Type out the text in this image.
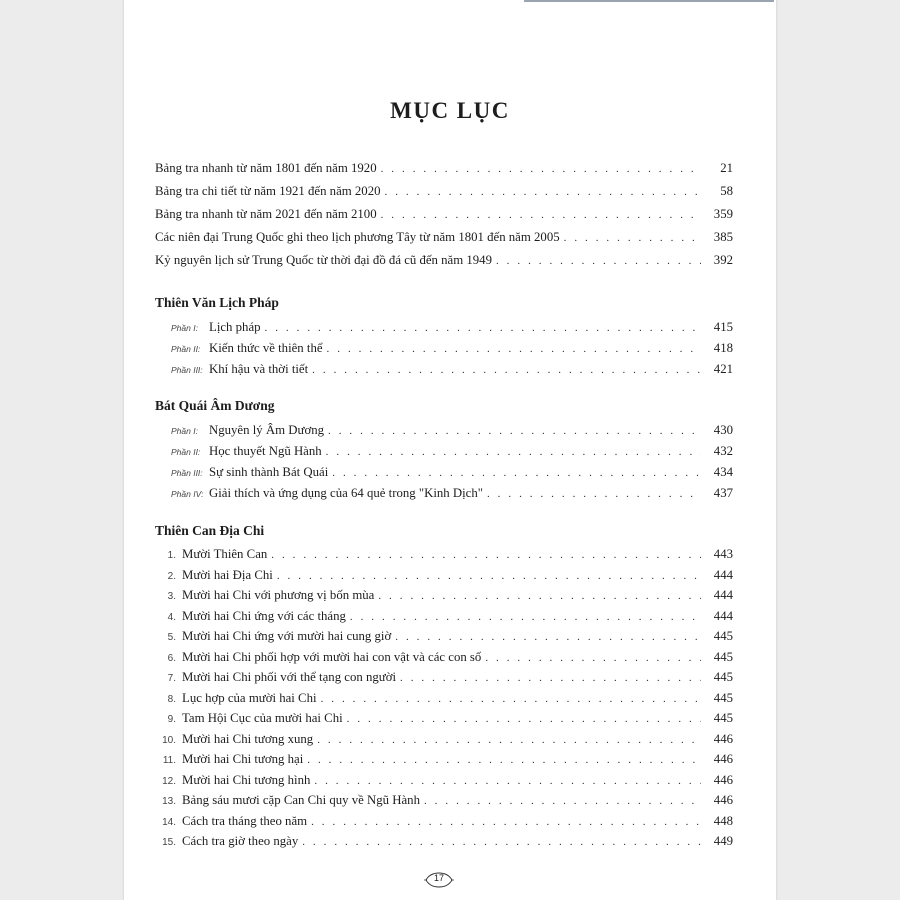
MỤC LỤC
Bảng tra nhanh từ năm 1801 đến năm 1920 . . .	21
Bảng tra chi tiết từ năm 1921 đến năm 2020 . . .	58
Bảng tra nhanh từ năm 2021 đến năm 2100 . . .	359
Các niên đại Trung Quốc ghi theo lịch phương Tây từ năm 1801 đến năm 2005 . . .	385
Kỷ nguyên lịch sử Trung Quốc từ thời đại đồ đá cũ đến năm 1949 . . .	392
Thiên Văn Lịch Pháp
Phần I: Lịch pháp . . .	415
Phần II: Kiến thức về thiên thể . . .	418
Phần III: Khí hậu và thời tiết . . .	421
Bát Quái Âm Dương
Phần I: Nguyên lý Âm Dương . . .	430
Phần II: Học thuyết Ngũ Hành . . .	432
Phần III: Sự sinh thành Bát Quái . . .	434
Phần IV: Giải thích và ứng dụng của 64 quẻ trong "Kinh Dịch" . . .	437
Thiên Can Địa Chi
1. Mười Thiên Can . . .	443
2. Mười hai Địa Chi . . .	444
3. Mười hai Chi với phương vị bốn mùa . . .	444
4. Mười hai Chi ứng với các tháng . . .	444
5. Mười hai Chi ứng với mười hai cung giờ . . .	445
6. Mười hai Chi phối hợp với mười hai con vật và các con số . . .	445
7. Mười hai Chi phối với thể tạng con người . . .	445
8. Lục hợp của mười hai Chi . . .	445
9. Tam Hội Cục của mười hai Chi . . .	445
10. Mười hai Chi tương xung . . .	446
11. Mười hai Chi tương hại . . .	446
12. Mười hai Chi tương hình . . .	446
13. Bảng sáu mươi cặp Can Chi quy về Ngũ Hành . . .	446
14. Cách tra tháng theo năm . . .	448
15. Cách tra giờ theo ngày . . .	449
17
